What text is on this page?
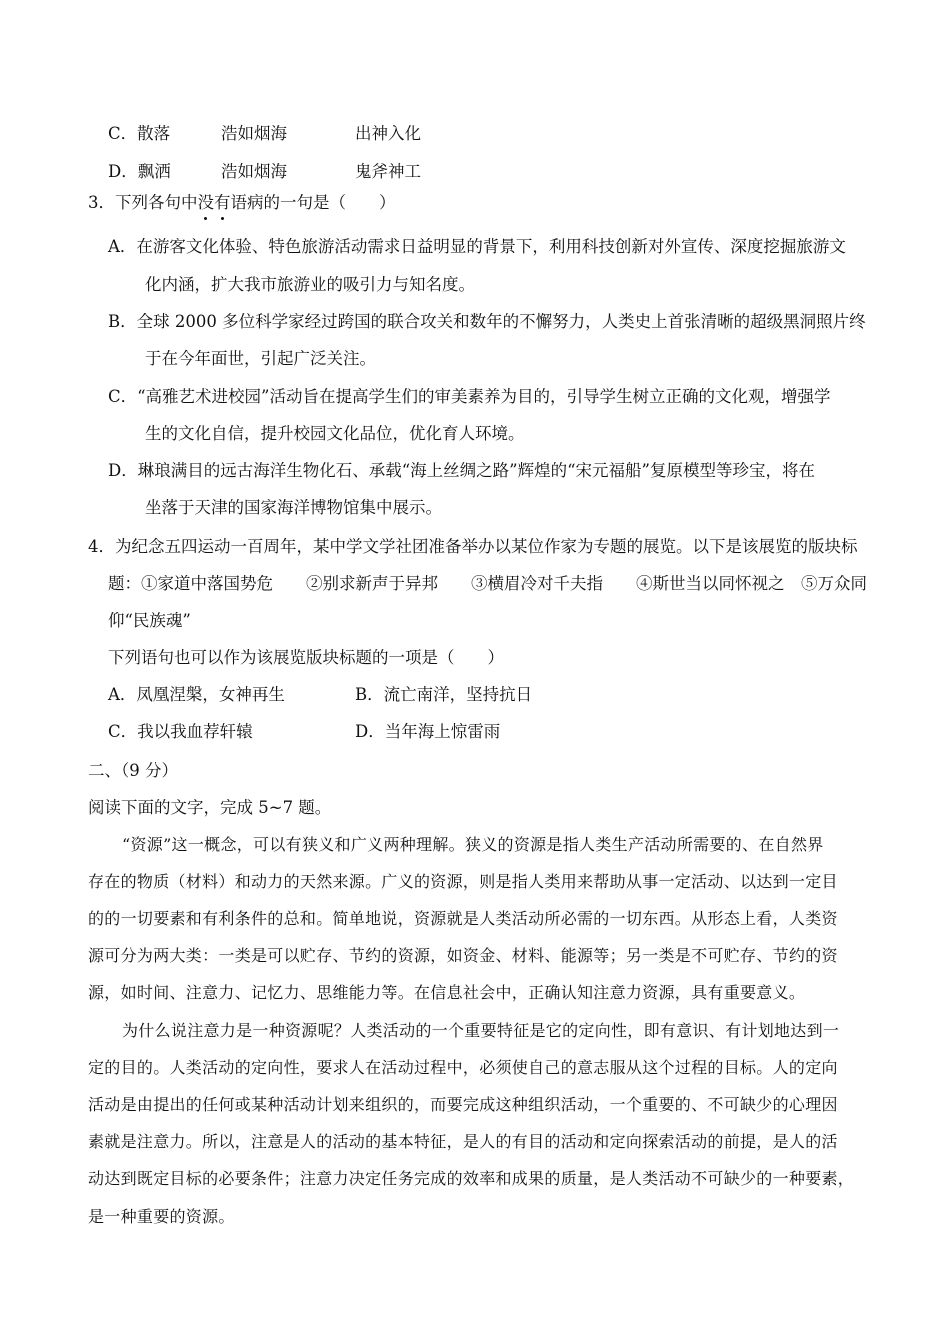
C．散落	浩如烟海	出神入化
D．飘洒	浩如烟海	鬼斧神工
3．下列各句中没有语病的一句是（　　）
A．在游客文化体验、特色旅游活动需求日益明显的背景下，利用科技创新对外宣传、深度挖掘旅游文
化内涵，扩大我市旅游业的吸引力与知名度。
B．全球 2000 多位科学家经过跨国的联合攻关和数年的不懈努力，人类史上首张清晰的超级黑洞照片终
于在今年面世，引起广泛关注。
C．“高雅艺术进校园”活动旨在提高学生们的审美素养为目的，引导学生树立正确的文化观，增强学
生的文化自信，提升校园文化品位，优化育人环境。
D．琳琅满目的远古海洋生物化石、承载“海上丝绸之路”辉煌的“宋元福船”复原模型等珍宝，将在
坐落于天津的国家海洋博物馆集中展示。
4．为纪念五四运动一百周年，某中学文学社团准备举办以某位作家为专题的展览。以下是该展览的版块标
题：①家道中落国势危　　②别求新声于异邦　　③横眉冷对千夫指　　④斯世当以同怀视之　⑤万众同
仰“民族魂”
下列语句也可以作为该展览版块标题的一项是（　　）
A．凤凰涅槃，女神再生	B．流亡南洋，坚持抗日
C．我以我血荐轩辕	D．当年海上惊雷雨
二、（9 分）
阅读下面的文字，完成 5~7 题。
“资源”这一概念，可以有狭义和广义两种理解。狭义的资源是指人类生产活动所需要的、在自然界
存在的物质（材料）和动力的天然来源。广义的资源，则是指人类用来帮助从事一定活动、以达到一定目
的的一切要素和有利条件的总和。简单地说，资源就是人类活动所必需的一切东西。从形态上看，人类资
源可分为两大类：一类是可以贮存、节约的资源，如资金、材料、能源等；另一类是不可贮存、节约的资
源，如时间、注意力、记忆力、思维能力等。在信息社会中，正确认知注意力资源，具有重要意义。
为什么说注意力是一种资源呢？人类活动的一个重要特征是它的定向性，即有意识、有计划地达到一
定的目的。人类活动的定向性，要求人在活动过程中，必须使自己的意志服从这个过程的目标。人的定向
活动是由提出的任何或某种活动计划来组织的，而要完成这种组织活动，一个重要的、不可缺少的心理因
素就是注意力。所以，注意是人的活动的基本特征，是人的有目的活动和定向探索活动的前提，是人的活
动达到既定目标的必要条件；注意力决定任务完成的效率和成果的质量，是人类活动不可缺少的一种要素，
是一种重要的资源。
